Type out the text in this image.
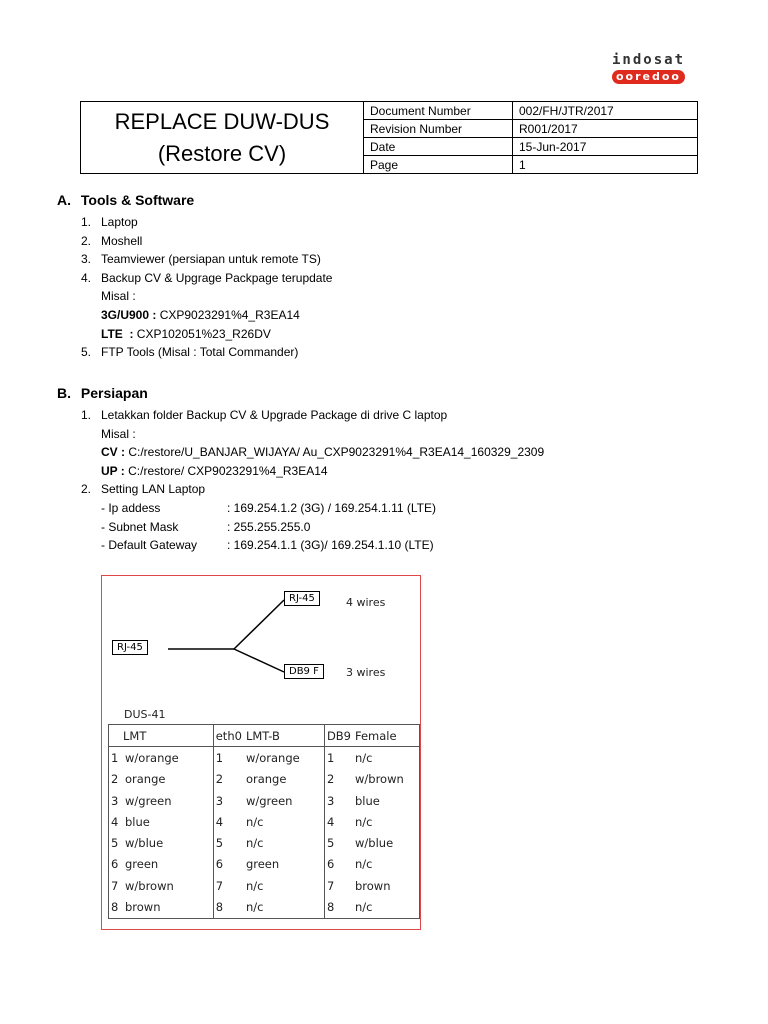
indosat
ooredoo
REPLACE DUW-DUS
(Restore CV)	Document Number	002/FH/JTR/2017
	Revision Number	R001/2017
	Date	15-Jun-2017
	Page	1
A. Tools & Software
1. Laptop
2. Moshell
3. Teamviewer (persiapan untuk remote TS)
4. Backup CV & Upgrage Packpage terupdate
Misal :
3G/U900 : CXP9023291%4_R3EA14
LTE  : CXP102051%23_R26DV
5. FTP Tools (Misal : Total Commander)
B. Persiapan
1. Letakkan folder Backup CV & Upgrade Package di drive C laptop
Misal :
CV : C:/restore/U_BANJAR_WIJAYA/ Au_CXP9023291%4_R3EA14_160329_2309
UP : C:/restore/ CXP9023291%4_R3EA14
2. Setting LAN Laptop
- Ip addess	: 169.254.1.2 (3G) / 169.254.1.11 (LTE)
- Subnet Mask	: 255.255.255.0
- Default Gateway	: 169.254.1.1 (3G)/ 169.254.1.10 (LTE)
RJ-45
RJ-45
DB9 F
4 wires
3 wires
DUS-41
LMT		eth0	LMT-B	DB9	Female
1	w/orange	1	w/orange	1	n/c
2	orange	2	orange	2	w/brown
3	w/green	3	w/green	3	blue
4	blue	4	n/c	4	n/c
5	w/blue	5	n/c	5	w/blue
6	green	6	green	6	n/c
7	w/brown	7	n/c	7	brown
8	brown	8	n/c	8	n/c
